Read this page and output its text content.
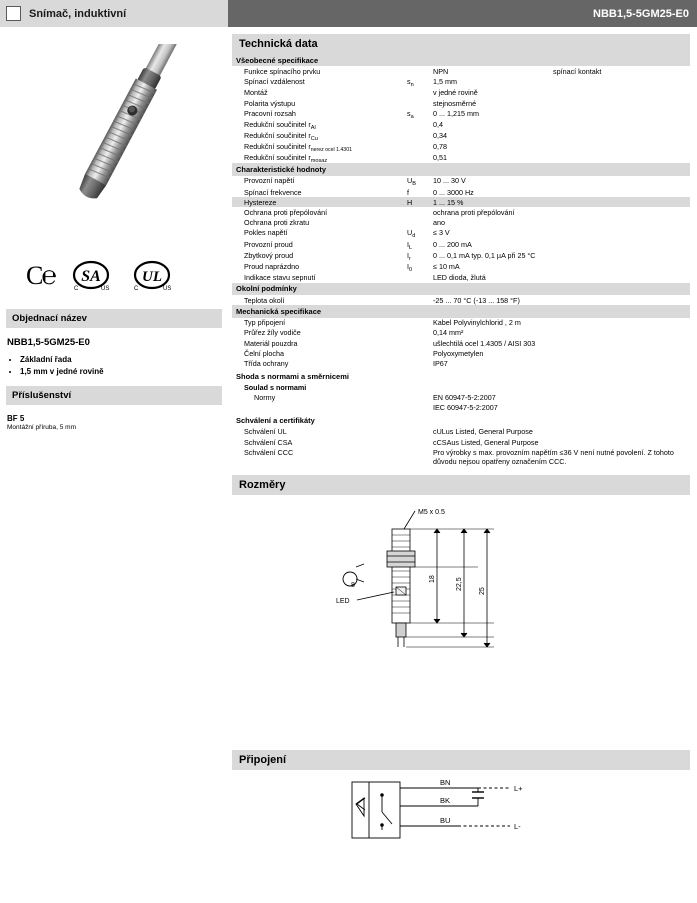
Snímač, induktivní	NBB1,5-5GM25-E0
C℮ SA
C	US
UL
C	US
Objednací název
NBB1,5-5GM25-E0
• Základní řada
• 1,5 mm v jedné rovině
Příslušenství
BF 5
Montážní příruba, 5 mm
Technická data
Všeobecné specifikace			
Funkce spínacího prvku		NPN	spínací kontakt
Spínací vzdálenost	$s_n$	1,5 mm	
Montáž		v jedné rovině	
Polarita výstupu		stejnosměrné	
Pracovní rozsah	$s_a$	0 ... 1,215 mm	
Redukční součinitel $r_{Al}$		0,4	
Redukční součinitel $r_{Cu}$		0,34	
Redukční součinitel $r_{nerez ocel 1.4301}$		0,78	
Redukční součinitel $r_{mosaz}$		0,51	
Charakteristické hodnoty			
Provozní napětí	$U_B$	10 ... 30 V	
Spínací frekvence	f	0 ... 3000 Hz	
Hystereze	H	1 ... 15 %	
Ochrana proti přepólování		ochrana proti přepólování	
Ochrana proti zkratu		ano	
Pokles napětí	$U_d$	≤ 3 V	
Provozní proud	$I_L$	0 ... 200 mA	
Zbytkový proud	$I_r$	0 ... 0,1 mA typ. 0,1 µA při 25 °C	
Proud naprázdno	$I_0$	≤ 10 mA	
Indikace stavu sepnutí		LED dioda, žlutá	
Okolní podmínky			
Teplota okolí		-25 ... 70 °C (-13 ... 158 °F)	
Mechanická specifikace			
Typ připojení		Kabel Polyvinylchlorid , 2 m	
Průřez žíly vodiče		0,14 mm²	
Materiál pouzdra		ušlechtilá ocel 1.4305 / AISI 303	
Čelní plocha		Polyoxymetylen	
Třída ochrany		IP67	
Shoda s normami a směrnicemi			
Soulad s normami			
Normy		EN 60947-5-2:2007	
		IEC 60947-5-2:2007	
Schválení a certifikáty			
Schválení UL		cULus Listed, General Purpose	
Schválení CSA		cCSAus Listed, General Purpose	
Schválení CCC		Pro výrobky s max. provozním napětím ≤36 V není nutné povolení. Z tohoto důvodu nejsou opatřeny označením CCC.	
Rozměry
M5 x 0.5
LED
8
18	22,5
25
Připojení
BN
BK
BU
L+
L-
